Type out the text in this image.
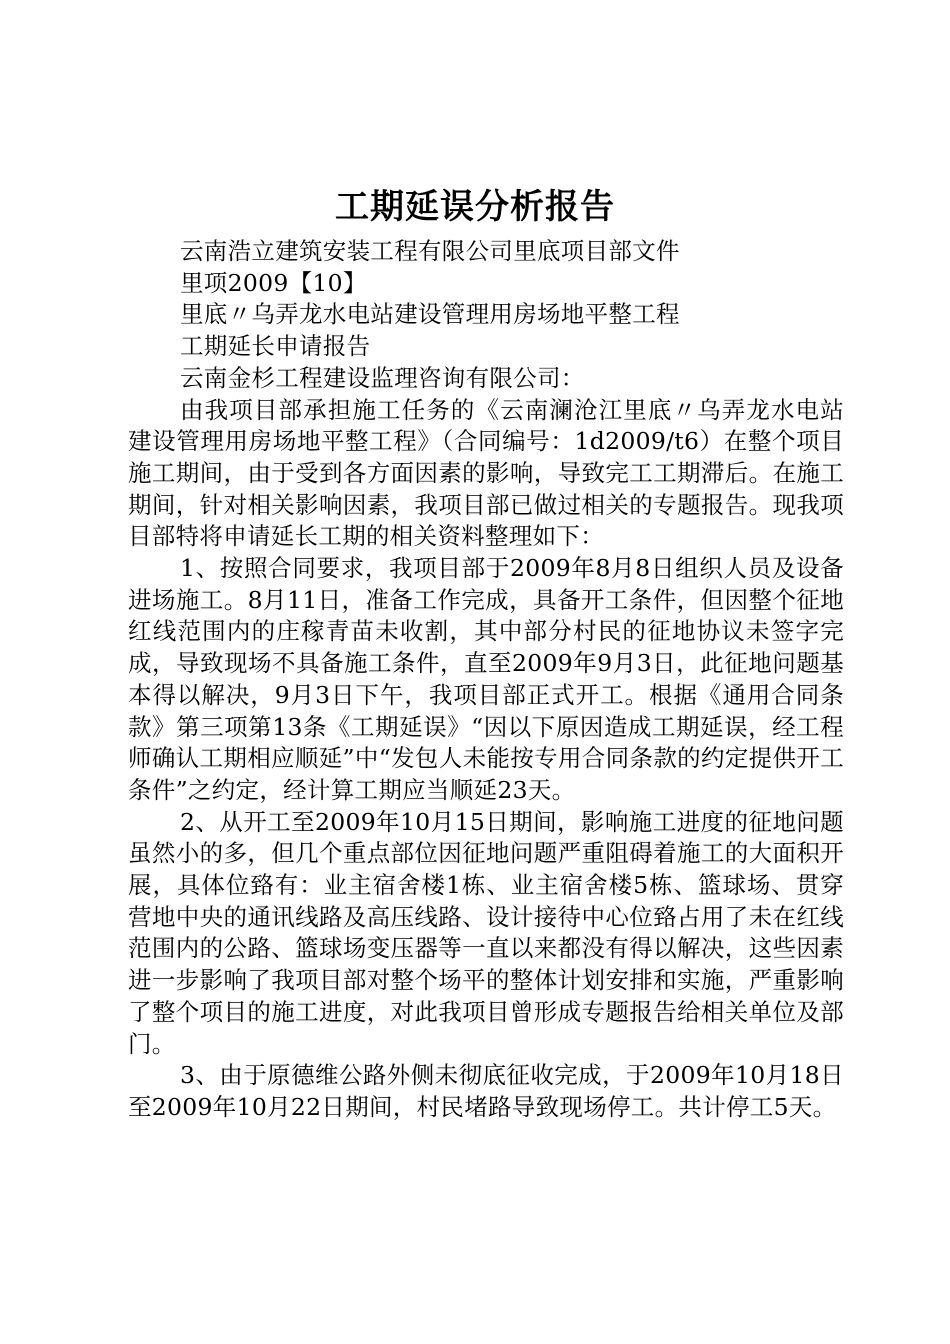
工期延误分析报告
云南浩立建筑安装工程有限公司里底项目部文件
里项2009【10】
里底〃乌弄龙水电站建设管理用房场地平整工程
工期延长申请报告
云南金杉工程建设监理咨询有限公司：
由我项目部承担施工任务的《云南澜沧江里底〃乌弄龙水电站建设管理用房场地平整工程》（合同编号：1d2009/t6）在整个项目施工期间，由于受到各方面因素的影响，导致完工工期滞后。在施工期间，针对相关影响因素，我项目部已做过相关的专题报告。现我项目部特将申请延长工期的相关资料整理如下：
1、按照合同要求，我项目部于2009年8月8日组织人员及设备进场施工。8月11日，准备工作完成，具备开工条件，但因整个征地红线范围内的庄稼青苗未收割，其中部分村民的征地协议未签字完成，导致现场不具备施工条件，直至2009年9月3日，此征地问题基本得以解决，9月3日下午，我项目部正式开工。根据《通用合同条款》第三项第13条《工期延误》“因以下原因造成工期延误，经工程师确认工期相应顺延”中“发包人未能按专用合同条款的约定提供开工条件”之约定，经计算工期应当顺延23天。
2、从开工至2009年10月15日期间，影响施工进度的征地问题虽然小的多，但几个重点部位因征地问题严重阻碍着施工的大面积开展，具体位臵有：业主宿舍楼1栋、业主宿舍楼5栋、篮球场、贯穿营地中央的通讯线路及高压线路、设计接待中心位臵占用了未在红线范围内的公路、篮球场变压器等一直以来都没有得以解决，这些因素进一步影响了我项目部对整个场平的整体计划安排和实施，严重影响了整个项目的施工进度，对此我项目曾形成专题报告给相关单位及部门。
3、由于原德维公路外侧未彻底征收完成，于2009年10月18日至2009年10月22日期间，村民堵路导致现场停工。共计停工5天。
